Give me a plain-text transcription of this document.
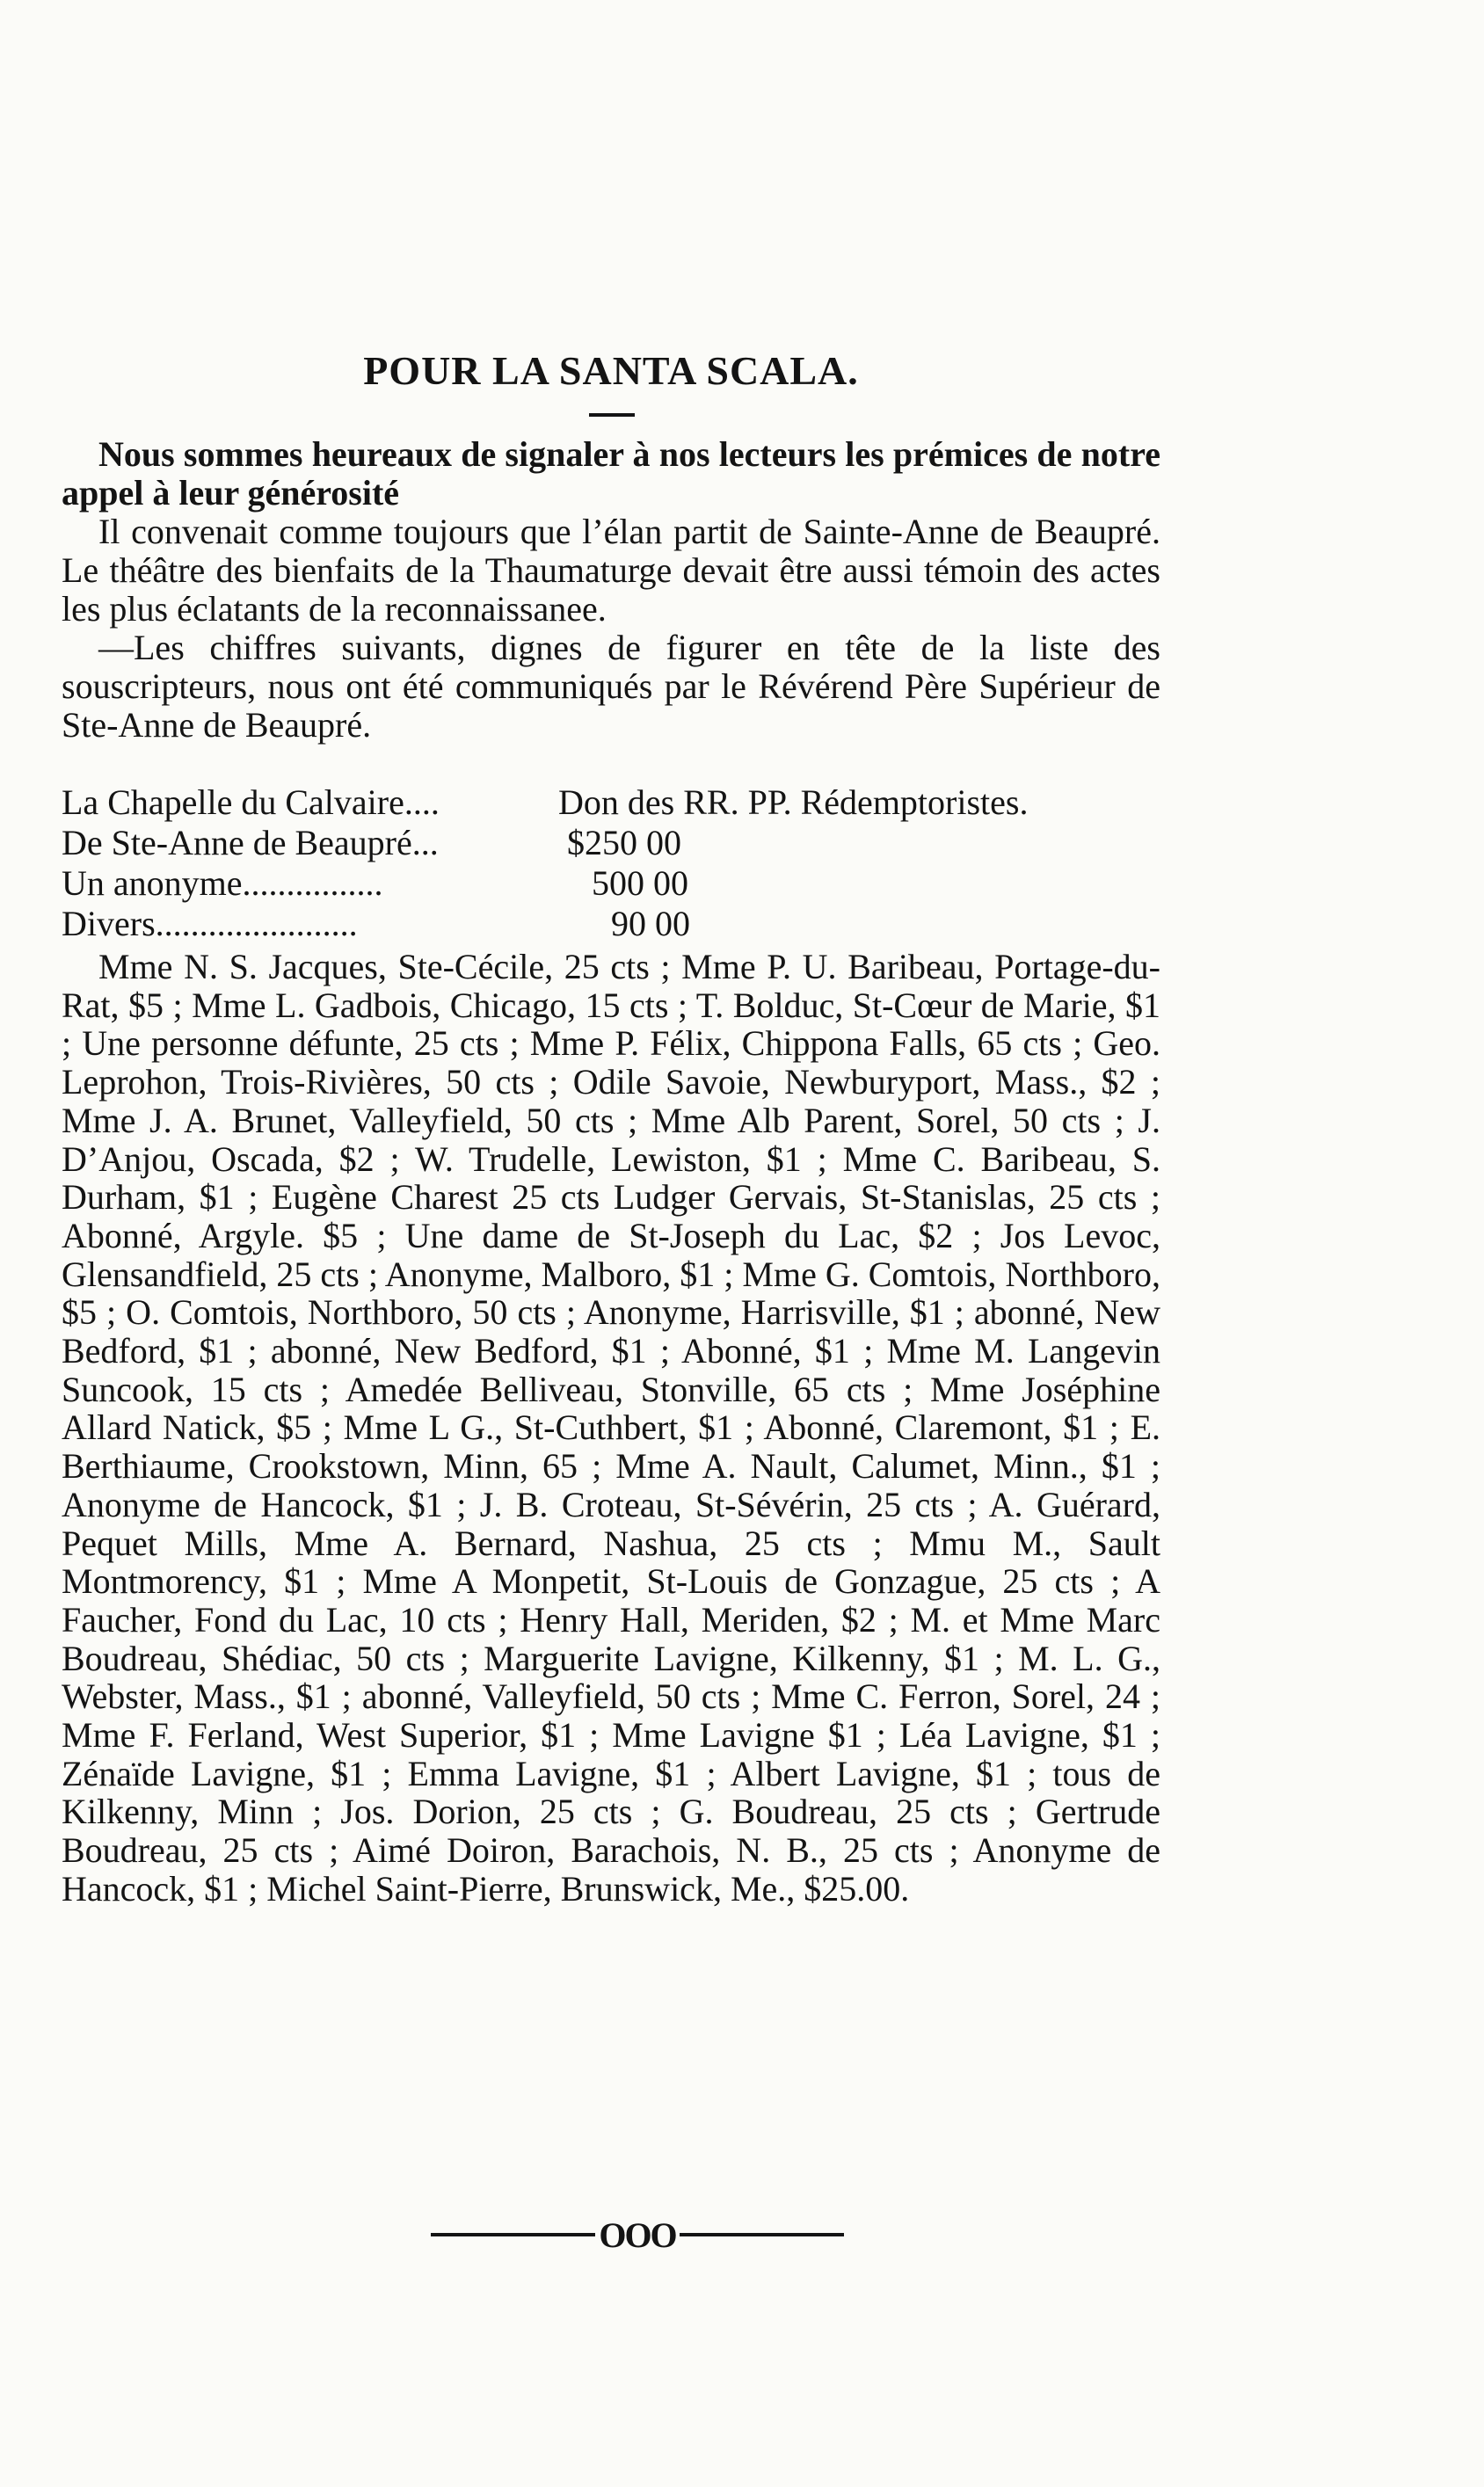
POUR LA SANTA SCALA.

Nous sommes heureaux de signaler à nos lecteurs les prémices de notre appel à leur générosité

Il convenait comme toujours que l’élan partit de Sainte-Anne de Beaupré. Le théâtre des bienfaits de la Thaumaturge devait être aussi témoin des actes les plus éclatants de la reconnaissanee.

—Les chiffres suivants, dignes de figurer en tête de la liste des souscripteurs, nous ont été communiqués par le Révérend Père Supérieur de Ste-Anne de Beaupré.

La Chapelle du Calvaire....	Don des RR. PP. Rédemptoristes.
De Ste-Anne de Beaupré...	$250 00
Un anonyme................	500 00
Divers.......................	90 00

Mme N. S. Jacques, Ste-Cécile, 25 cts ; Mme P. U. Baribeau, Portage-du-Rat, $5 ; Mme L. Gadbois, Chicago, 15 cts ; T. Bolduc, St-Cœur de Marie, $1 ; Une personne défunte, 25 cts ; Mme P. Félix, Chippona Falls, 65 cts ; Geo. Leprohon, Trois-Rivières, 50 cts ; Odile Savoie, Newburyport, Mass., $2 ; Mme J. A. Brunet, Valleyfield, 50 cts ; Mme Alb Parent, Sorel, 50 cts ; J. D’Anjou, Oscada, $2 ; W. Trudelle, Lewiston, $1 ; Mme C. Baribeau, S. Durham, $1 ; Eugène Charest 25 cts Ludger Gervais, St-Stanislas, 25 cts ; Abonné, Argyle. $5 ; Une dame de St-Joseph du Lac, $2 ; Jos Levoc, Glensandfield, 25 cts ; Anonyme, Malboro, $1 ; Mme G. Comtois, Northboro, $5 ; O. Comtois, Northboro, 50 cts ; Anonyme, Harrisville, $1 ; abonné, New Bedford, $1 ; abonné, New Bedford, $1 ; Abonné, $1 ; Mme M. Langevin Suncook, 15 cts ; Amedée Belliveau, Stonville, 65 cts ; Mme Joséphine Allard Natick, $5 ; Mme L G., St-Cuthbert, $1 ; Abonné, Claremont, $1 ; E. Berthiaume, Crookstown, Minn, 65 ; Mme A. Nault, Calumet, Minn., $1 ; Anonyme de Hancock, $1 ; J. B. Croteau, St-Sévérin, 25 cts ; A. Guérard, Pequet Mills, Mme A. Bernard, Nashua, 25 cts ; Mmu M., Sault Montmorency, $1 ; Mme A Monpetit, St-Louis de Gonzague, 25 cts ; A Faucher, Fond du Lac, 10 cts ; Henry Hall, Meriden, $2 ; M. et Mme Marc Boudreau, Shédiac, 50 cts ; Marguerite Lavigne, Kilkenny, $1 ; M. L. G., Webster, Mass., $1 ; abonné, Valleyfield, 50 cts ; Mme C. Ferron, Sorel, 24 ; Mme F. Ferland, West Superior, $1 ; Mme Lavigne $1 ; Léa Lavigne, $1 ; Zénaïde Lavigne, $1 ; Emma Lavigne, $1 ; Albert Lavigne, $1 ; tous de Kilkenny, Minn ; Jos. Dorion, 25 cts ; G. Boudreau, 25 cts ; Gertrude Boudreau, 25 cts ; Aimé Doiron, Barachois, N. B., 25 cts ; Anonyme de Hancock, $1 ; Michel Saint-Pierre, Brunswick, Me., $25.00.

OOO
